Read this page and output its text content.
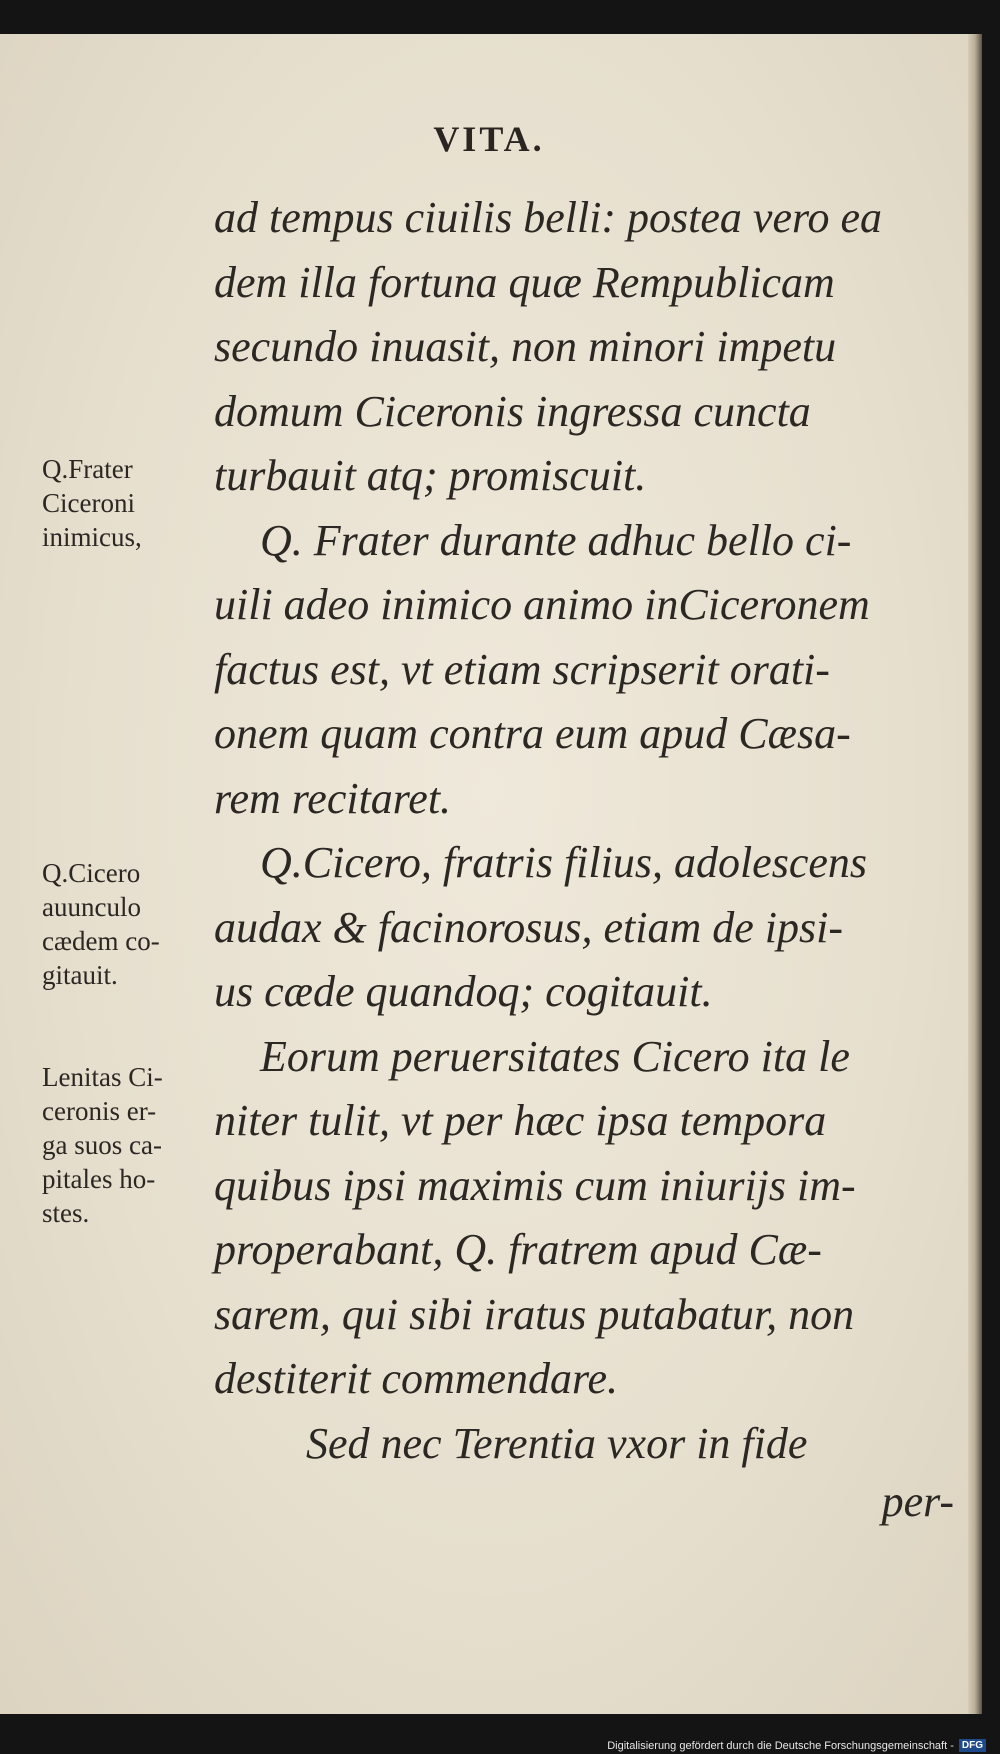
VITA.

Q.Frater
Ciceroni
inimicus,

Q.Cicero
auunculo
cædem co-
gitauit.

Lenitas Ci-
ceronis er-
ga suos ca-
pitales ho-
stes.

ad tempus ciuilis belli: postea vero ea
dem illa fortuna quæ Rempublicam
secundo inuasit, non minori impetu
domum Ciceronis ingressa cuncta
turbauit atq; promiscuit.
Q. Frater durante adhuc bello ci-
uili adeo inimico animo inCiceronem
factus est, vt etiam scripserit orati-
onem quam contra eum apud Cæsa-
rem recitaret.
Q.Cicero, fratris filius, adolescens
audax & facinorosus, etiam de ipsi-
us cæde quandoq; cogitauit.
Eorum peruersitates Cicero ita le
niter tulit, vt per hæc ipsa tempora
quibus ipsi maximis cum iniurijs im-
properabant, Q. fratrem apud Cæ-
sarem, qui sibi iratus putabatur, non
destiterit commendare.
Sed nec Terentia vxor in fide
per-
Digitalisierung gefördert durch die Deutsche Forschungsgemeinschaft - DFG
